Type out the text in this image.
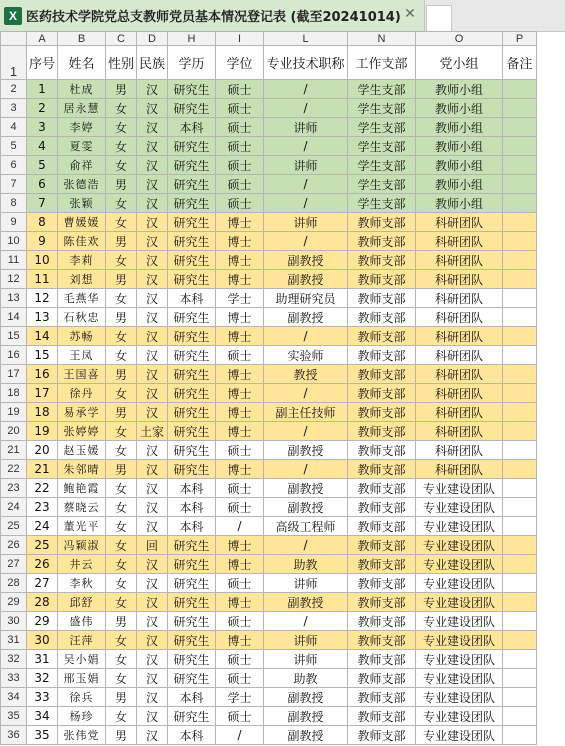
X 医药技术学院党总支教师党员基本情况登记表 (截至20241014) ✕
	A	B	C	D	H	I	L	N	O	P
1	序号	姓名	性别	民族	学历	学位	专业技术职称	工作支部	党小组	备注
2	1	杜成	男	汉	研究生	硕士	/	学生支部	教师小组	
3	2	居永慧	女	汉	研究生	硕士	/	学生支部	教师小组	
4	3	李婷	女	汉	本科	硕士	讲师	学生支部	教师小组	
5	4	夏雯	女	汉	研究生	硕士	/	学生支部	教师小组	
6	5	俞祥	女	汉	研究生	硕士	讲师	学生支部	教师小组	
7	6	张德浩	男	汉	研究生	硕士	/	学生支部	教师小组	
8	7	张颖	女	汉	研究生	硕士	/	学生支部	教师小组	
9	8	曹媛媛	女	汉	研究生	博士	讲师	教师支部	科研团队	
10	9	陈佳欢	男	汉	研究生	博士	/	教师支部	科研团队	
11	10	李莉	女	汉	研究生	博士	副教授	教师支部	科研团队	
12	11	刘想	男	汉	研究生	博士	副教授	教师支部	科研团队	
13	12	毛燕华	女	汉	本科	学士	助理研究员	教师支部	科研团队	
14	13	石秋忠	男	汉	研究生	博士	副教授	教师支部	科研团队	
15	14	苏畅	女	汉	研究生	博士	/	教师支部	科研团队	
16	15	王凤	女	汉	研究生	硕士	实验师	教师支部	科研团队	
17	16	王国喜	男	汉	研究生	博士	教授	教师支部	科研团队	
18	17	徐丹	女	汉	研究生	博士	/	教师支部	科研团队	
19	18	易承学	男	汉	研究生	博士	副主任技师	教师支部	科研团队	
20	19	张婷婷	女	土家	研究生	博士	/	教师支部	科研团队	
21	20	赵玉媛	女	汉	研究生	硕士	副教授	教师支部	科研团队	
22	21	朱邻晴	男	汉	研究生	博士	/	教师支部	科研团队	
23	22	鲍艳霞	女	汉	本科	硕士	副教授	教师支部	专业建设团队	
24	23	蔡晓云	女	汉	本科	硕士	副教授	教师支部	专业建设团队	
25	24	董光平	女	汉	本科	/	高级工程师	教师支部	专业建设团队	
26	25	冯颖淑	女	回	研究生	博士	/	教师支部	专业建设团队	
27	26	井云	女	汉	研究生	博士	助教	教师支部	专业建设团队	
28	27	李秋	女	汉	研究生	硕士	讲师	教师支部	专业建设团队	
29	28	邱舒	女	汉	研究生	博士	副教授	教师支部	专业建设团队	
30	29	盛伟	男	汉	研究生	硕士	/	教师支部	专业建设团队	
31	30	汪萍	女	汉	研究生	博士	讲师	教师支部	专业建设团队	
32	31	吴小娟	女	汉	研究生	硕士	讲师	教师支部	专业建设团队	
33	32	邢玉娟	女	汉	研究生	硕士	助教	教师支部	专业建设团队	
34	33	徐兵	男	汉	本科	学士	副教授	教师支部	专业建设团队	
35	34	杨珍	女	汉	研究生	硕士	副教授	教师支部	专业建设团队	
36	35	张伟党	男	汉	本科	/	副教授	教师支部	专业建设团队	
